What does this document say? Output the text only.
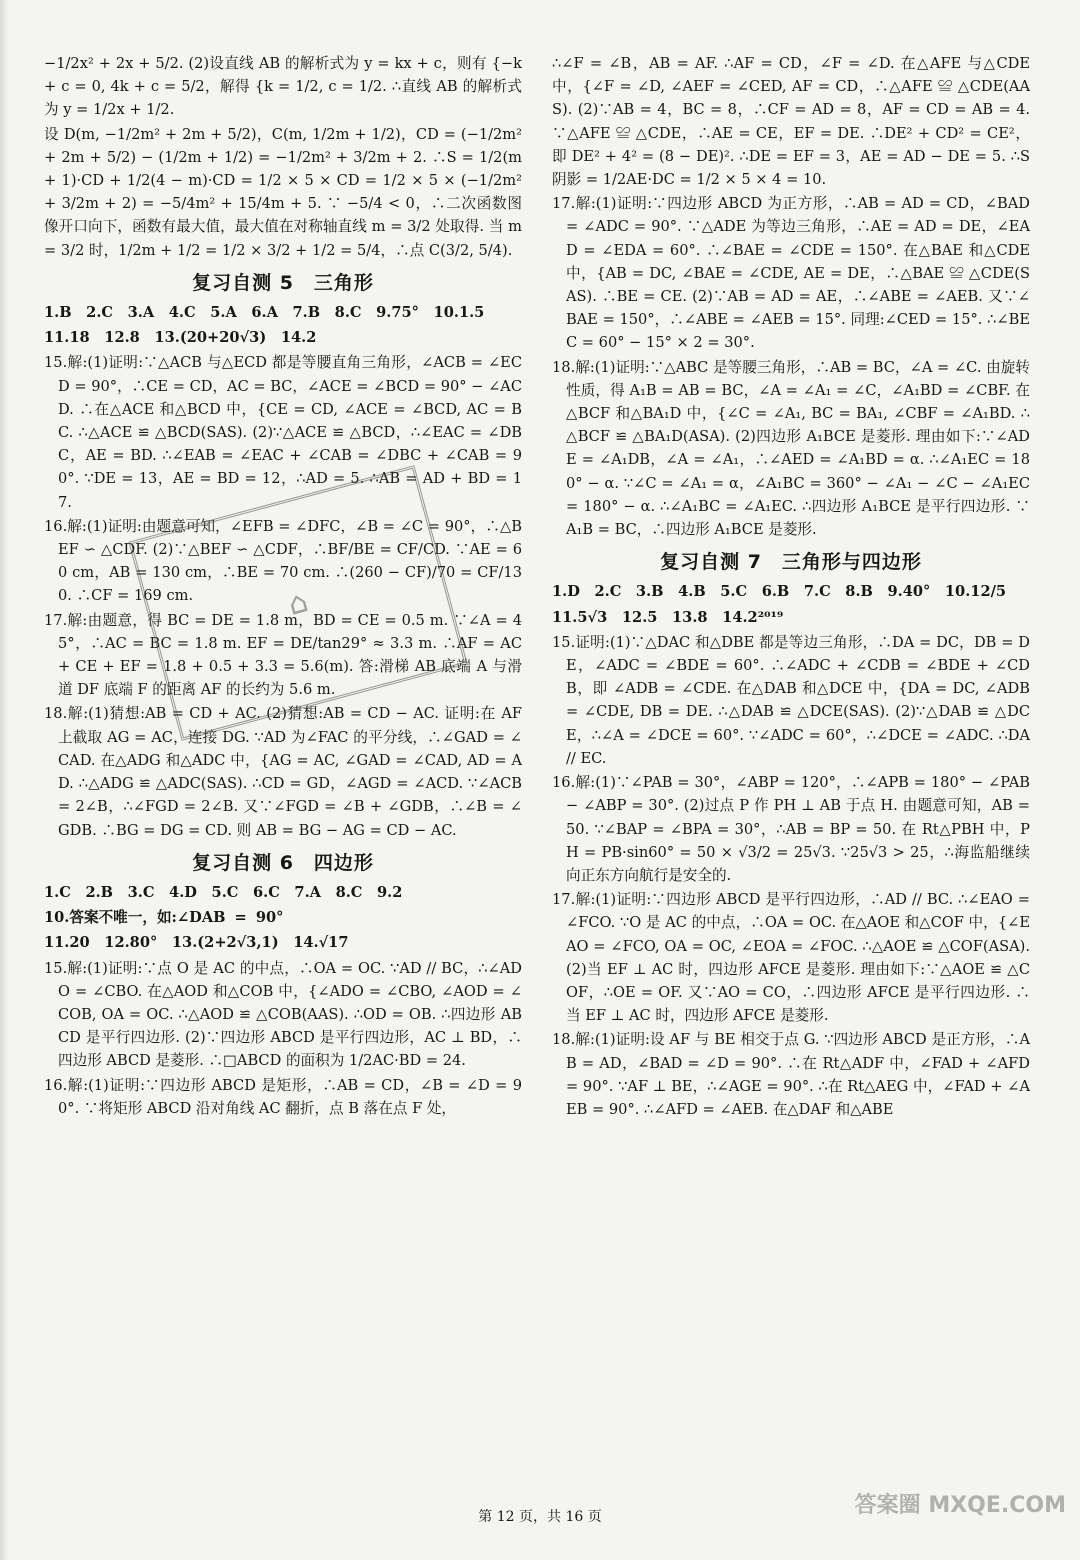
−1/2x² + 2x + 5/2. (2)设直线 AB 的解析式为 y = kx + c，则有 {−k + c = 0, 4k + c = 5/2，解得 {k = 1/2, c = 1/2. ∴直线 AB 的解析式为 y = 1/2x + 1/2.

设 D(m, −1/2m² + 2m + 5/2)，C(m, 1/2m + 1/2)，CD = (−1/2m² + 2m + 5/2) − (1/2m + 1/2) = −1/2m² + 3/2m + 2. ∴S = 1/2(m + 1)·CD + 1/2(4 − m)·CD = 1/2 × 5 × CD = 1/2 × 5 × (−1/2m² + 3/2m + 2) = −5/4m² + 15/4m + 5. ∵ −5/4 < 0，∴二次函数图像开口向下，函数有最大值，最大值在对称轴直线 m = 3/2 处取得. 当 m = 3/2 时，1/2m + 1/2 = 1/2 × 3/2 + 1/2 = 5/4，∴点 C(3/2, 5/4).

复习自测 5　三角形

1.B　2.C　3.A　4.C　5.A　6.A　7.B　8.C　9.75°　10.1.5

11.18　12.8　13.(20+20√3)　14.2

15.解:(1)证明:∵△ACB 与△ECD 都是等腰直角三角形，∠ACB = ∠ECD = 90°，∴CE = CD，AC = BC，∠ACE = ∠BCD = 90° − ∠ACD. ∴在△ACE 和△BCD 中，{CE = CD, ∠ACE = ∠BCD, AC = BC. ∴△ACE ≌ △BCD(SAS). (2)∵△ACE ≌ △BCD，∴∠EAC = ∠DBC，AE = BD. ∴∠EAB = ∠EAC + ∠CAB = ∠DBC + ∠CAB = 90°. ∵DE = 13，AE = BD = 12，∴AD = 5. ∴AB = AD + BD = 17.

16.解:(1)证明:由题意可知，∠EFB = ∠DFC，∠B = ∠C = 90°，∴△BEF ∽ △CDF. (2)∵△BEF ∽ △CDF，∴BF/BE = CF/CD. ∵AE = 60 cm，AB = 130 cm，∴BE = 70 cm. ∴(260 − CF)/70 = CF/130. ∴CF = 169 cm.

17.解:由题意，得 BC = DE = 1.8 m，BD = CE = 0.5 m. ∵∠A = 45°，∴AC = BC = 1.8 m. EF = DE/tan29° ≈ 3.3 m. ∴AF = AC + CE + EF = 1.8 + 0.5 + 3.3 = 5.6(m). 答:滑梯 AB 底端 A 与滑道 DF 底端 F 的距离 AF 的长约为 5.6 m.

18.解:(1)猜想:AB = CD + AC. (2)猜想:AB = CD − AC. 证明:在 AF 上截取 AG = AC，连接 DG. ∵AD 为∠FAC 的平分线，∴∠GAD = ∠CAD. 在△ADG 和△ADC 中，{AG = AC, ∠GAD = ∠CAD, AD = AD. ∴△ADG ≌ △ADC(SAS). ∴CD = GD，∠AGD = ∠ACD. ∵∠ACB = 2∠B，∴∠FGD = 2∠B. 又∵∠FGD = ∠B + ∠GDB，∴∠B = ∠GDB. ∴BG = DG = CD. 则 AB = BG − AG = CD − AC.

复习自测 6　四边形

1.C　2.B　3.C　4.D　5.C　6.C　7.A　8.C　9.2

10.答案不唯一，如:∠DAB = 90°

11.20　12.80°　13.(2+2√3,1)　14.√17

15.解:(1)证明:∵点 O 是 AC 的中点，∴OA = OC. ∵AD // BC，∴∠ADO = ∠CBO. 在△AOD 和△COB 中，{∠ADO = ∠CBO, ∠AOD = ∠COB, OA = OC. ∴△AOD ≌ △COB(AAS). ∴OD = OB. ∴四边形 ABCD 是平行四边形. (2)∵四边形 ABCD 是平行四边形，AC ⊥ BD，∴四边形 ABCD 是菱形. ∴□ABCD 的面积为 1/2AC·BD = 24.

16.解:(1)证明:∵四边形 ABCD 是矩形，∴AB = CD，∠B = ∠D = 90°. ∵将矩形 ABCD 沿对角线 AC 翻折，点 B 落在点 F 处，

∴∠F = ∠B，AB = AF. ∴AF = CD，∠F = ∠D. 在△AFE 与△CDE 中，{∠F = ∠D, ∠AEF = ∠CED, AF = CD，∴△AFE ≌ △CDE(AAS). (2)∵AB = 4，BC = 8，∴CF = AD = 8，AF = CD = AB = 4. ∵△AFE ≌ △CDE，∴AE = CE，EF = DE. ∴DE² + CD² = CE²，即 DE² + 4² = (8 − DE)². ∴DE = EF = 3，AE = AD − DE = 5. ∴S阴影 = 1/2AE·DC = 1/2 × 5 × 4 = 10.

17.解:(1)证明:∵四边形 ABCD 为正方形，∴AB = AD = CD，∠BAD = ∠ADC = 90°. ∵△ADE 为等边三角形，∴AE = AD = DE，∠EAD = ∠EDA = 60°. ∴∠BAE = ∠CDE = 150°. 在△BAE 和△CDE 中，{AB = DC, ∠BAE = ∠CDE, AE = DE，∴△BAE ≌ △CDE(SAS). ∴BE = CE. (2)∵AB = AD = AE，∴∠ABE = ∠AEB. 又∵∠BAE = 150°，∴∠ABE = ∠AEB = 15°. 同理:∠CED = 15°. ∴∠BEC = 60° − 15° × 2 = 30°.

18.解:(1)证明:∵△ABC 是等腰三角形，∴AB = BC，∠A = ∠C. 由旋转性质，得 A₁B = AB = BC，∠A = ∠A₁ = ∠C，∠A₁BD = ∠CBF. 在△BCF 和△BA₁D 中，{∠C = ∠A₁, BC = BA₁, ∠CBF = ∠A₁BD. ∴△BCF ≌ △BA₁D(ASA). (2)四边形 A₁BCE 是菱形. 理由如下:∵∠ADE = ∠A₁DB，∠A = ∠A₁，∴∠AED = ∠A₁BD = α. ∴∠A₁EC = 180° − α. ∵∠C = ∠A₁ = α，∠A₁BC = 360° − ∠A₁ − ∠C − ∠A₁EC = 180° − α. ∴∠A₁BC = ∠A₁EC. ∴四边形 A₁BCE 是平行四边形. ∵A₁B = BC，∴四边形 A₁BCE 是菱形.

复习自测 7　三角形与四边形

1.D　2.C　3.B　4.B　5.C　6.B　7.C　8.B　9.40°　10.12/5

11.5√3　12.5　13.8　14.2²⁰¹⁹

15.证明:(1)∵△DAC 和△DBE 都是等边三角形，∴DA = DC，DB = DE，∠ADC = ∠BDE = 60°. ∴∠ADC + ∠CDB = ∠BDE + ∠CDB，即 ∠ADB = ∠CDE. 在△DAB 和△DCE 中，{DA = DC, ∠ADB = ∠CDE, DB = DE. ∴△DAB ≌ △DCE(SAS). (2)∵△DAB ≌ △DCE，∴∠A = ∠DCE = 60°. ∵∠ADC = 60°，∴∠DCE = ∠ADC. ∴DA // EC.

16.解:(1)∵∠PAB = 30°，∠ABP = 120°，∴∠APB = 180° − ∠PAB − ∠ABP = 30°. (2)过点 P 作 PH ⊥ AB 于点 H. 由题意可知，AB = 50. ∵∠BAP = ∠BPA = 30°，∴AB = BP = 50. 在 Rt△PBH 中，PH = PB·sin60° = 50 × √3/2 = 25√3. ∵25√3 > 25，∴海监船继续向正东方向航行是安全的.

17.解:(1)证明:∵四边形 ABCD 是平行四边形，∴AD // BC. ∴∠EAO = ∠FCO. ∵O 是 AC 的中点，∴OA = OC. 在△AOE 和△COF 中，{∠EAO = ∠FCO, OA = OC, ∠EOA = ∠FOC. ∴△AOE ≌ △COF(ASA). (2)当 EF ⊥ AC 时，四边形 AFCE 是菱形. 理由如下:∵△AOE ≌ △COF，∴OE = OF. 又∵AO = CO，∴四边形 AFCE 是平行四边形. ∴当 EF ⊥ AC 时，四边形 AFCE 是菱形.

18.解:(1)证明:设 AF 与 BE 相交于点 G. ∵四边形 ABCD 是正方形，∴AB = AD，∠BAD = ∠D = 90°. ∴在 Rt△ADF 中，∠FAD + ∠AFD = 90°. ∵AF ⊥ BE，∴∠AGE = 90°. ∴在 Rt△AEG 中，∠FAD + ∠AEB = 90°. ∴∠AFD = ∠AEB. 在△DAF 和△ABE

⌂
第 12 页，共 16 页	答案圈 MXQE.COM
